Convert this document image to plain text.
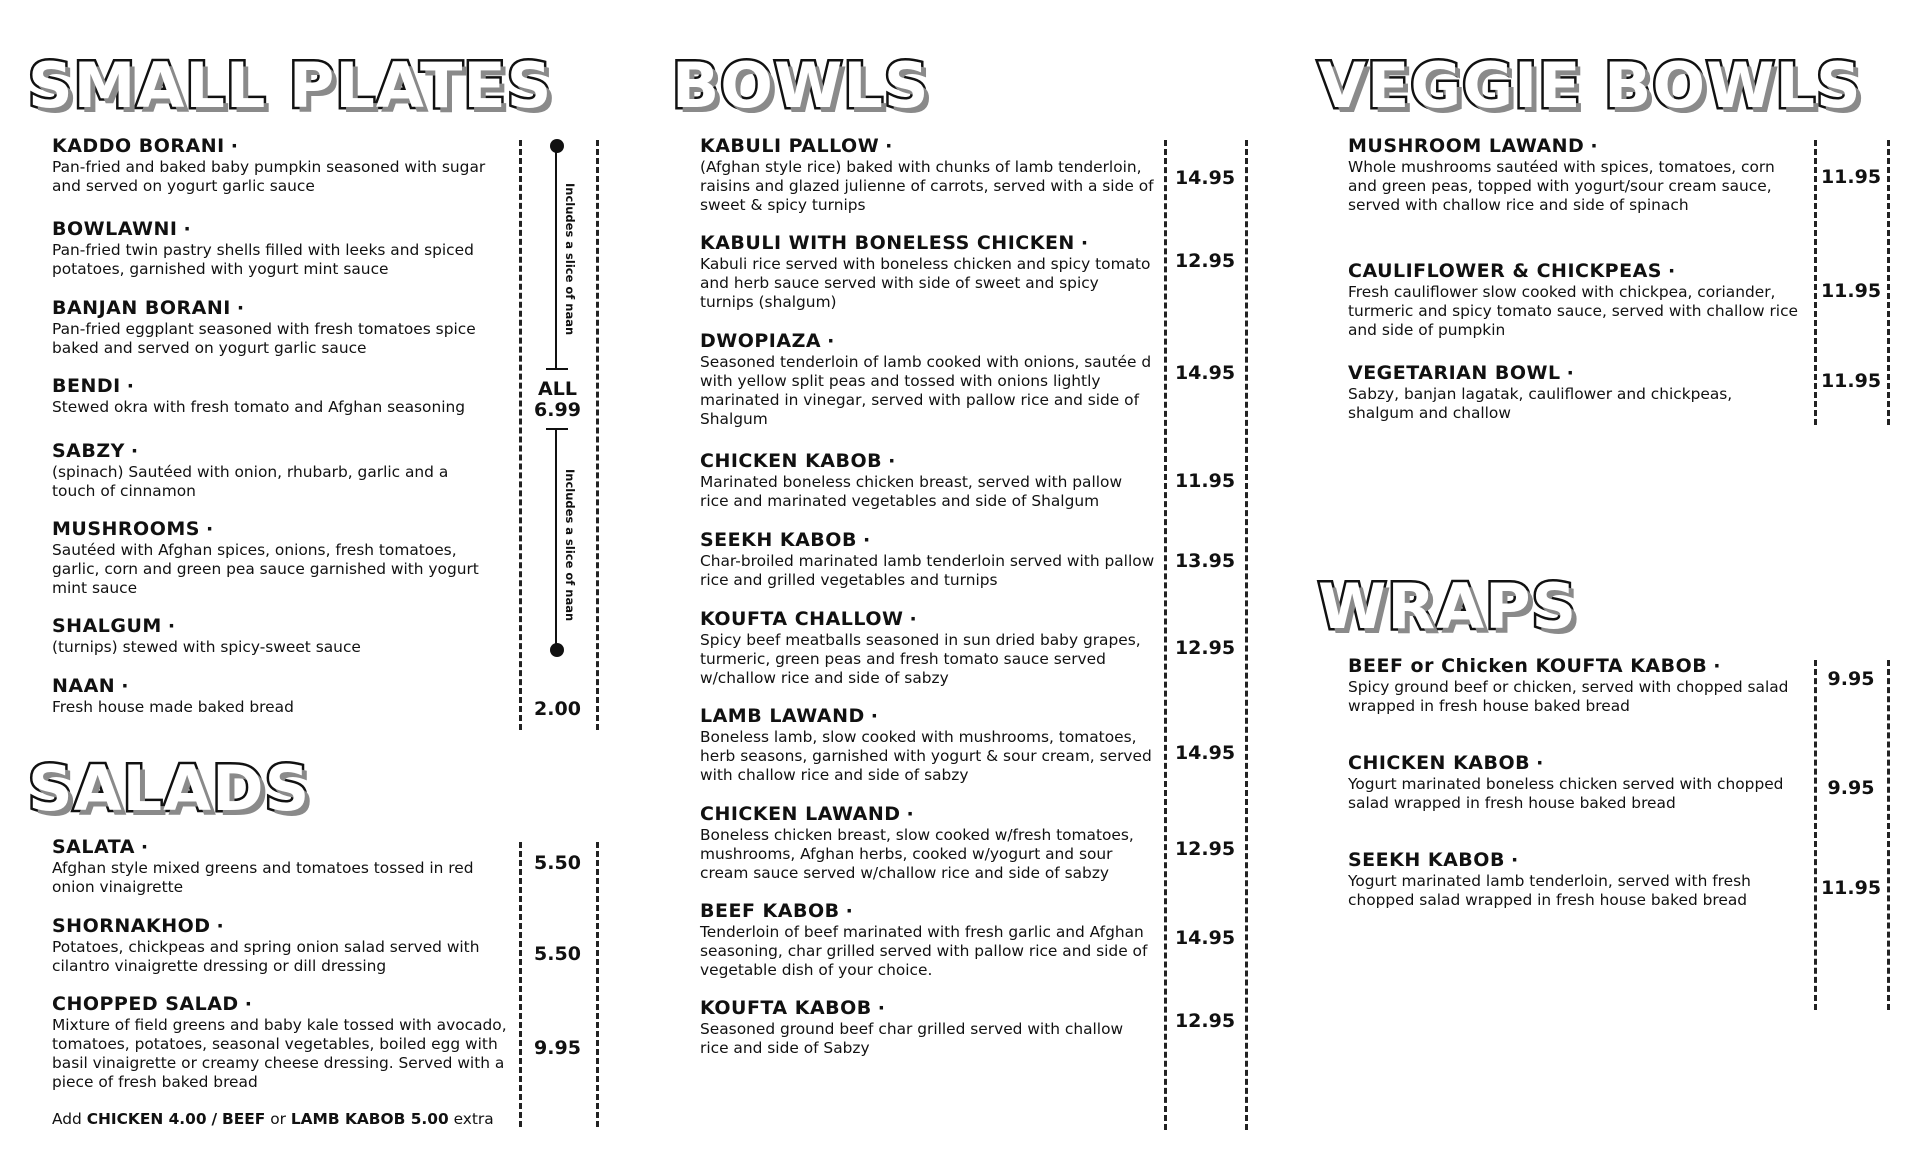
SMALL PLATES
KADDO BORANI ·
Pan-fried and baked baby pumpkin seasoned with sugar and served on yogurt garlic sauce
BOWLAWNI ·
Pan-fried twin pastry shells filled with leeks and spiced potatoes, garnished with yogurt mint sauce
BANJAN BORANI ·
Pan-fried eggplant seasoned with fresh tomatoes spice baked and served on yogurt garlic sauce
BENDI ·
Stewed okra with fresh tomato and Afghan seasoning
SABZY ·
(spinach) Sautéed with onion, rhubarb, garlic and a touch of cinnamon
MUSHROOMS ·
Sautéed with Afghan spices, onions, fresh tomatoes, garlic, corn and green pea sauce garnished with yogurt mint sauce
SHALGUM ·
(turnips) stewed with spicy-sweet sauce
NAAN ·
Fresh house made baked bread
Includes a slice of naan
ALL
6.99
Includes a slice of naan
2.00
SALADS
SALATA ·
Afghan style mixed greens and tomatoes tossed in red onion vinaigrette
SHORNAKHOD ·
Potatoes, chickpeas and spring onion salad served with cilantro vinaigrette dressing or dill dressing
CHOPPED SALAD ·
Mixture of field greens and baby kale tossed with avocado, tomatoes, potatoes, seasonal vegetables, boiled egg with basil vinaigrette or creamy cheese dressing. Served with a piece of fresh baked bread
Add CHICKEN 4.00 / BEEF or LAMB KABOB 5.00 extra
5.50
5.50
9.95
BOWLS
KABULI PALLOW ·
(Afghan style rice) baked with chunks of lamb tenderloin, raisins and glazed julienne of carrots, served with a side of sweet & spicy turnips
KABULI WITH BONELESS CHICKEN ·
Kabuli rice served with boneless chicken and spicy tomato and herb sauce served with side of sweet and spicy turnips (shalgum)
DWOPIAZA ·
Seasoned tenderloin of lamb cooked with onions, sautée d with yellow split peas and tossed with onions lightly marinated in vinegar, served with pallow rice and side of Shalgum
CHICKEN KABOB ·
Marinated boneless chicken breast, served with pallow rice and marinated vegetables and side of Shalgum
SEEKH KABOB ·
Char-broiled marinated lamb tenderloin served with pallow rice and grilled vegetables and turnips
KOUFTA CHALLOW ·
Spicy beef meatballs seasoned in sun dried baby grapes, turmeric, green peas and fresh tomato sauce served w/challow rice and side of sabzy
LAMB LAWAND ·
Boneless lamb, slow cooked with mushrooms, tomatoes, herb seasons, garnished with yogurt & sour cream, served with challow rice and side of sabzy
CHICKEN LAWAND ·
Boneless chicken breast, slow cooked w/fresh tomatoes, mushrooms, Afghan herbs, cooked w/yogurt and sour cream sauce served w/challow rice and side of sabzy
BEEF KABOB ·
Tenderloin of beef marinated with fresh garlic and Afghan seasoning, char grilled served with pallow rice and side of vegetable dish of your choice.
KOUFTA KABOB ·
Seasoned ground beef char grilled served with challow rice and side of Sabzy
14.95
12.95
14.95
11.95
13.95
12.95
14.95
12.95
14.95
12.95
VEGGIE BOWLS
MUSHROOM LAWAND ·
Whole mushrooms sautéed with spices, tomatoes, corn and green peas, topped with yogurt/sour cream sauce, served with challow rice and side of spinach
CAULIFLOWER & CHICKPEAS ·
Fresh cauliflower slow cooked with chickpea, coriander, turmeric and spicy tomato sauce, served with challow rice and side of pumpkin
VEGETARIAN BOWL ·
Sabzy, banjan lagatak, cauliflower and chickpeas, shalgum and challow
11.95
11.95
11.95
WRAPS
BEEF or Chicken KOUFTA KABOB ·
Spicy ground beef or chicken, served with chopped salad wrapped in fresh house baked bread
CHICKEN KABOB ·
Yogurt marinated boneless chicken served with chopped salad wrapped in fresh house baked bread
SEEKH KABOB ·
Yogurt marinated lamb tenderloin, served with fresh chopped salad wrapped in fresh house baked bread
9.95
9.95
11.95
